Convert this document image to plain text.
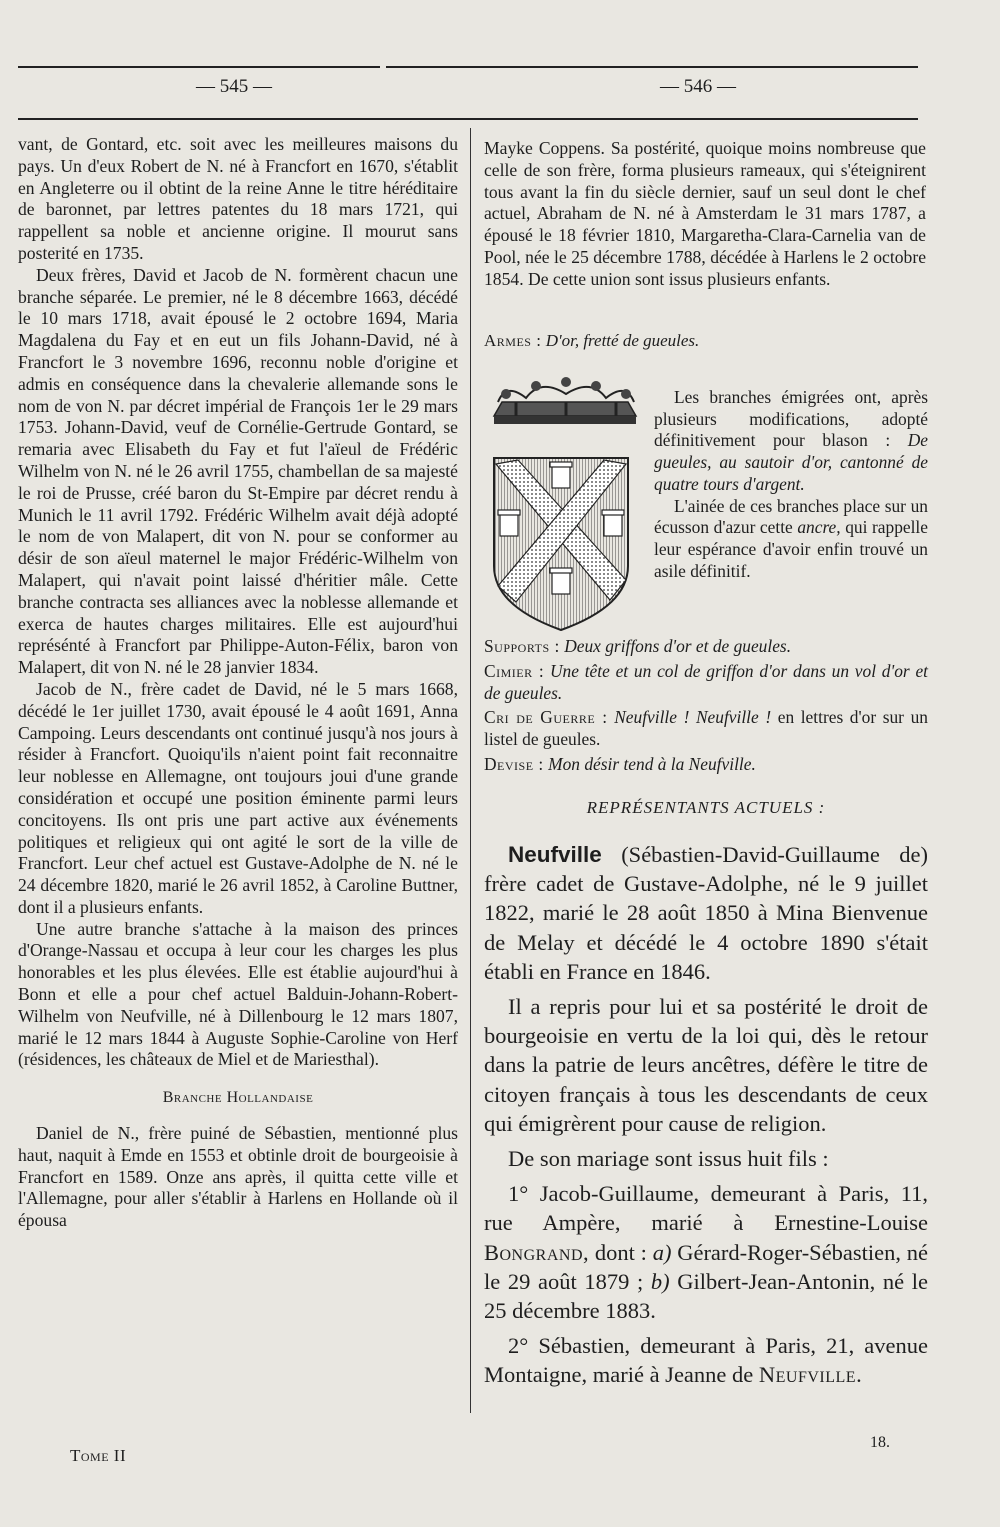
— 545 —	— 546 —

vant, de Gontard, etc. soit avec les meilleures maisons du pays. Un d'eux Robert de N. né à Francfort en 1670, s'établit en Angleterre ou il obtint de la reine Anne le titre héréditaire de baronnet, par lettres patentes du 18 mars 1721, qui rappellent sa noble et ancienne origine. Il mourut sans posterité en 1735.

Deux frères, David et Jacob de N. formèrent chacun une branche séparée. Le premier, né le 8 décembre 1663, décédé le 10 mars 1718, avait épousé le 2 octobre 1694, Maria Magdalena du Fay et en eut un fils Johann-David, né à Francfort le 3 novembre 1696, reconnu noble d'origine et admis en conséquence dans la chevalerie allemande sons le nom de von N. par décret impérial de François 1er le 29 mars 1753. Johann-David, veuf de Cornélie-Gertrude Gontard, se remaria avec Elisabeth du Fay et fut l'aïeul de Frédéric Wilhelm von N. né le 26 avril 1755, chambellan de sa majesté le roi de Prusse, créé baron du St-Empire par décret rendu à Munich le 11 avril 1792. Frédéric Wilhelm avait déjà adopté le nom de von Malapert, dit von N. pour se conformer au désir de son aïeul maternel le major Frédéric-Wilhelm von Malapert, qui n'avait point laissé d'héritier mâle. Cette branche contracta ses alliances avec la noblesse allemande et exerca de hautes charges militaires. Elle est aujourd'hui représénté à Francfort par Philippe-Auton-Félix, baron von Malapert, dit von N. né le 28 janvier 1834.

Jacob de N., frère cadet de David, né le 5 mars 1668, décédé le 1er juillet 1730, avait épousé le 4 août 1691, Anna Campoing. Leurs descendants ont continué jusqu'à nos jours à résider à Francfort. Quoiqu'ils n'aient point fait reconnaitre leur noblesse en Allemagne, ont toujours joui d'une grande considération et occupé une position éminente parmi leurs concitoyens. Ils ont pris une part active aux événements politiques et religieux qui ont agité le sort de la ville de Francfort. Leur chef actuel est Gustave-Adolphe de N. né le 24 décembre 1820, marié le 26 avril 1852, à Caroline Buttner, dont il a plusieurs enfants.

Une autre branche s'attache à la maison des princes d'Orange-Nassau et occupa à leur cour les charges les plus honorables et les plus élevées. Elle est établie aujourd'hui à Bonn et elle a pour chef actuel Balduin-Johann-Robert-Wilhelm von Neufville, né à Dillenbourg le 12 mars 1807, marié le 12 mars 1844 à Auguste Sophie-Caroline von Herf (résidences, les châteaux de Miel et de Mariesthal).

Branche Hollandaise

Daniel de N., frère puiné de Sébastien, mentionné plus haut, naquit à Emde en 1553 et obtinle droit de bourgeoisie à Francfort en 1589. Onze ans après, il quitta cette ville et l'Allemagne, pour aller s'établir à Harlens en Hollande où il épousa

Mayke Coppens. Sa postérité, quoique moins nombreuse que celle de son frère, forma plusieurs rameaux, qui s'éteignirent tous avant la fin du siècle dernier, sauf un seul dont le chef actuel, Abraham de N. né à Amsterdam le 31 mars 1787, a épousé le 18 février 1810, Margaretha-Clara-Carnelia van de Pool, née le 25 décembre 1788, décédée à Harlens le 2 octobre 1854. De cette union sont issus plusieurs enfants.
Armes : D'or, fretté de gueules.

Les branches émigrées ont, après plusieurs modifications, adopté définitivement pour blason : De gueules, au sautoir d'or, cantonné de quatre tours d'argent.

L'ainée de ces branches place sur un écusson d'azur cette ancre, qui rappelle leur espérance d'avoir enfin trouvé un asile définitif.

Supports : Deux griffons d'or et de gueules.

Cimier : Une tête et un col de griffon d'or dans un vol d'or et de gueules.

Cri de Guerre : Neufville ! Neufville ! en lettres d'or sur un listel de gueules.

Devise : Mon désir tend à la Neufville.

REPRÉSENTANTS ACTUELS :

Neufville (Sébastien-David-Guillaume de) frère cadet de Gustave-Adolphe, né le 9 juillet 1822, marié le 28 août 1850 à Mina Bienvenue de Melay et décédé le 4 octobre 1890 s'était établi en France en 1846.

Il a repris pour lui et sa postérité le droit de bourgeoisie en vertu de la loi qui, dès le retour dans la patrie de leurs ancêtres, défère le titre de citoyen français à tous les descendants de ceux qui émigrèrent pour cause de religion.

De son mariage sont issus huit fils :

1° Jacob-Guillaume, demeurant à Paris, 11, rue Ampère, marié à Ernestine-Louise Bongrand, dont : a) Gérard-Roger-Sébastien, né le 29 août 1879 ; b) Gilbert-Jean-Antonin, né le 25 décembre 1883.

2° Sébastien, demeurant à Paris, 21, avenue Montaigne, marié à Jeanne de Neufville.

Tome II
18.
